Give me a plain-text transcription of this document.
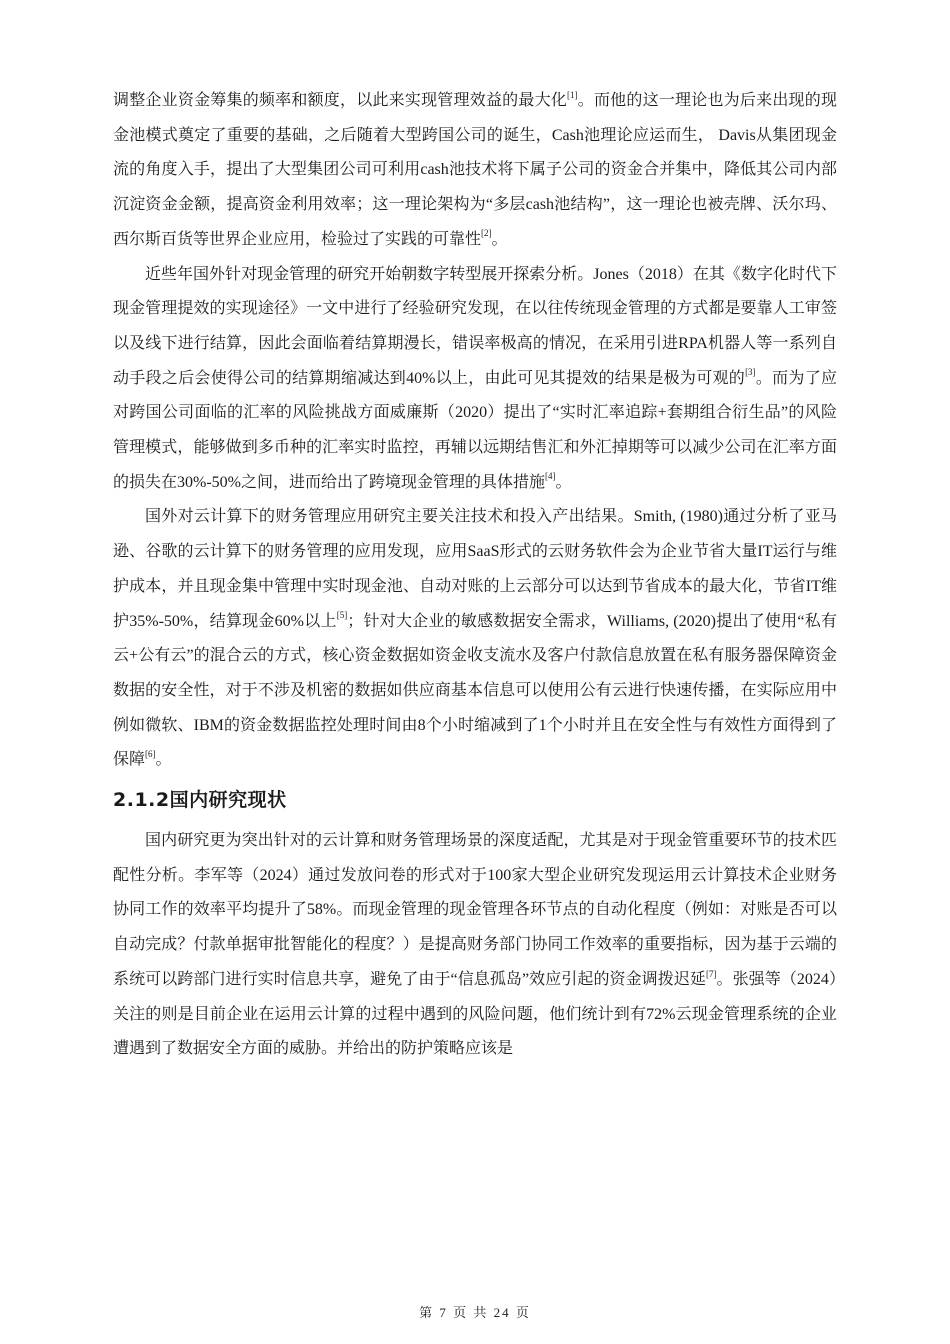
调整企业资金筹集的频率和额度，以此来实现管理效益的最大化[1]。而他的这一理论也为后来出现的现金池模式奠定了重要的基础，之后随着大型跨国公司的诞生，Cash池理论应运而生， Davis从集团现金流的角度入手，提出了大型集团公司可利用cash池技术将下属子公司的资金合并集中，降低其公司内部沉淀资金金额，提高资金利用效率；这一理论架构为“多层cash池结构”，这一理论也被壳牌、沃尔玛、西尔斯百货等世界企业应用，检验过了实践的可靠性[2]。

近些年国外针对现金管理的研究开始朝数字转型展开探索分析。Jones（2018）在其《数字化时代下现金管理提效的实现途径》一文中进行了经验研究发现，在以往传统现金管理的方式都是要靠人工审签以及线下进行结算，因此会面临着结算期漫长，错误率极高的情况，在采用引进RPA机器人等一系列自动手段之后会使得公司的结算期缩减达到40%以上，由此可见其提效的结果是极为可观的[3]。而为了应对跨国公司面临的汇率的风险挑战方面威廉斯（2020）提出了“实时汇率追踪+套期组合衍生品”的风险管理模式，能够做到多币种的汇率实时监控，再辅以远期结售汇和外汇掉期等可以减少公司在汇率方面的损失在30%-50%之间，进而给出了跨境现金管理的具体措施[4]。

国外对云计算下的财务管理应用研究主要关注技术和投入产出结果。Smith, (1980)通过分析了亚马逊、谷歌的云计算下的财务管理的应用发现，应用SaaS形式的云财务软件会为企业节省大量IT运行与维护成本，并且现金集中管理中实时现金池、自动对账的上云部分可以达到节省成本的最大化，节省IT维护35%-50%，结算现金60%以上[5]；针对大企业的敏感数据安全需求，Williams, (2020)提出了使用“私有云+公有云”的混合云的方式，核心资金数据如资金收支流水及客户付款信息放置在私有服务器保障资金数据的安全性，对于不涉及机密的数据如供应商基本信息可以使用公有云进行快速传播，在实际应用中例如微软、IBM的资金数据监控处理时间由8个小时缩减到了1个小时并且在安全性与有效性方面得到了保障[6]。

2.1.2国内研究现状

国内研究更为突出针对的云计算和财务管理场景的深度适配，尤其是对于现金管重要环节的技术匹配性分析。李军等（2024）通过发放问卷的形式对于100家大型企业研究发现运用云计算技术企业财务协同工作的效率平均提升了58%。而现金管理的现金管理各环节点的自动化程度（例如：对账是否可以自动完成？付款单据审批智能化的程度？）是提高财务部门协同工作效率的重要指标，因为基于云端的系统可以跨部门进行实时信息共享，避免了由于“信息孤岛”效应引起的资金调拨迟延[7]。张强等（2024）关注的则是目前企业在运用云计算的过程中遇到的风险问题，他们统计到有72%云现金管理系统的企业遭遇到了数据安全方面的威胁。并给出的防护策略应该是

第 7 页 共 24 页
